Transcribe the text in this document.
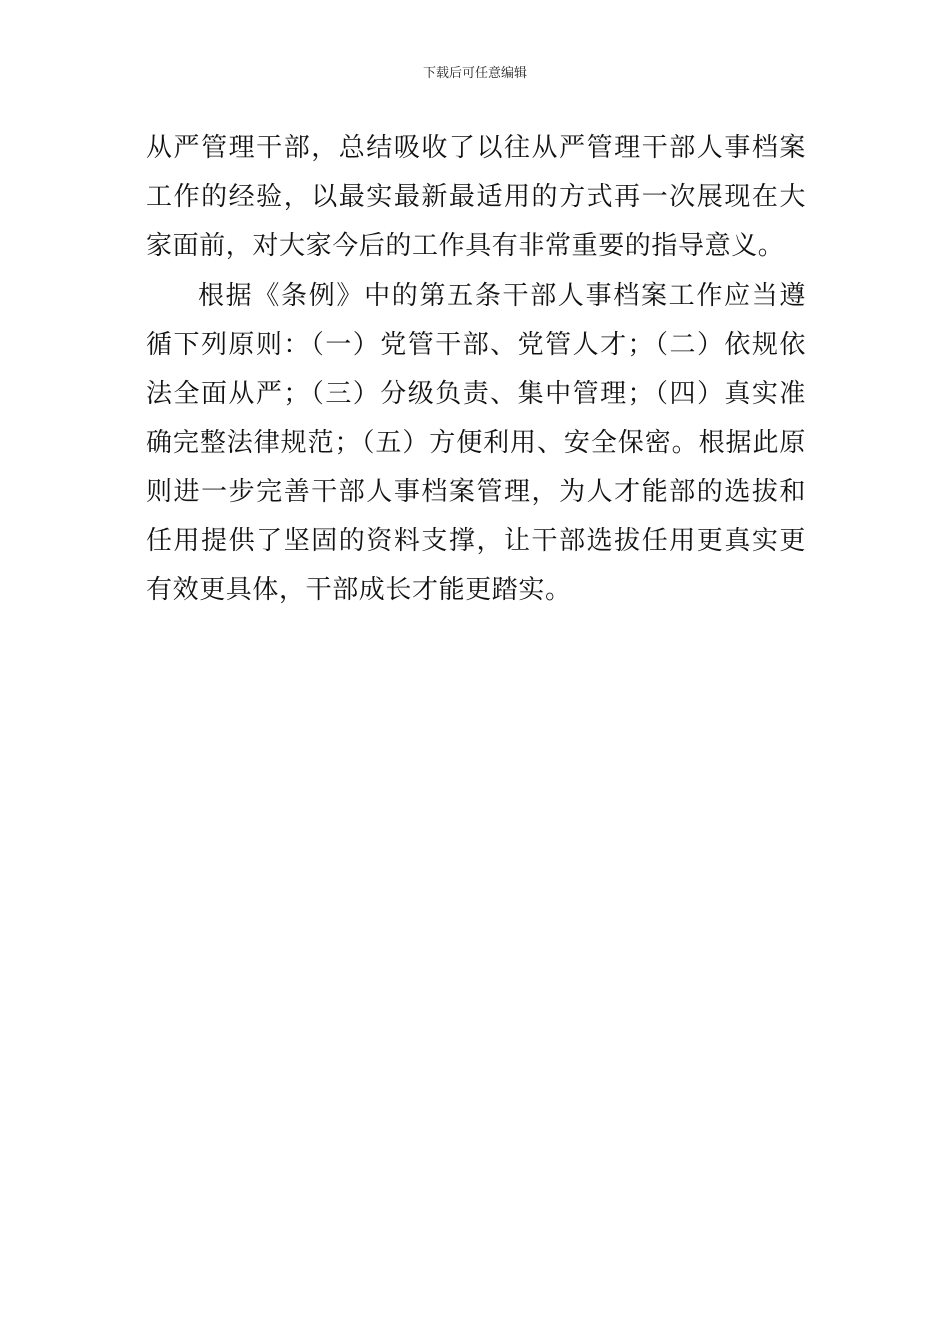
下载后可任意编辑

从严管理干部，总结吸收了以往从严管理干部人事档案工作的经验，以最实最新最适用的方式再一次展现在大家面前，对大家今后的工作具有非常重要的指导意义。

根据《条例》中的第五条干部人事档案工作应当遵循下列原则：（一）党管干部、党管人才；（二）依规依法全面从严；（三）分级负责、集中管理；（四）真实准确完整法律规范；（五）方便利用、安全保密。根据此原则进一步完善干部人事档案管理，为人才能部的选拔和任用提供了坚固的资料支撑，让干部选拔任用更真实更有效更具体，干部成长才能更踏实。
